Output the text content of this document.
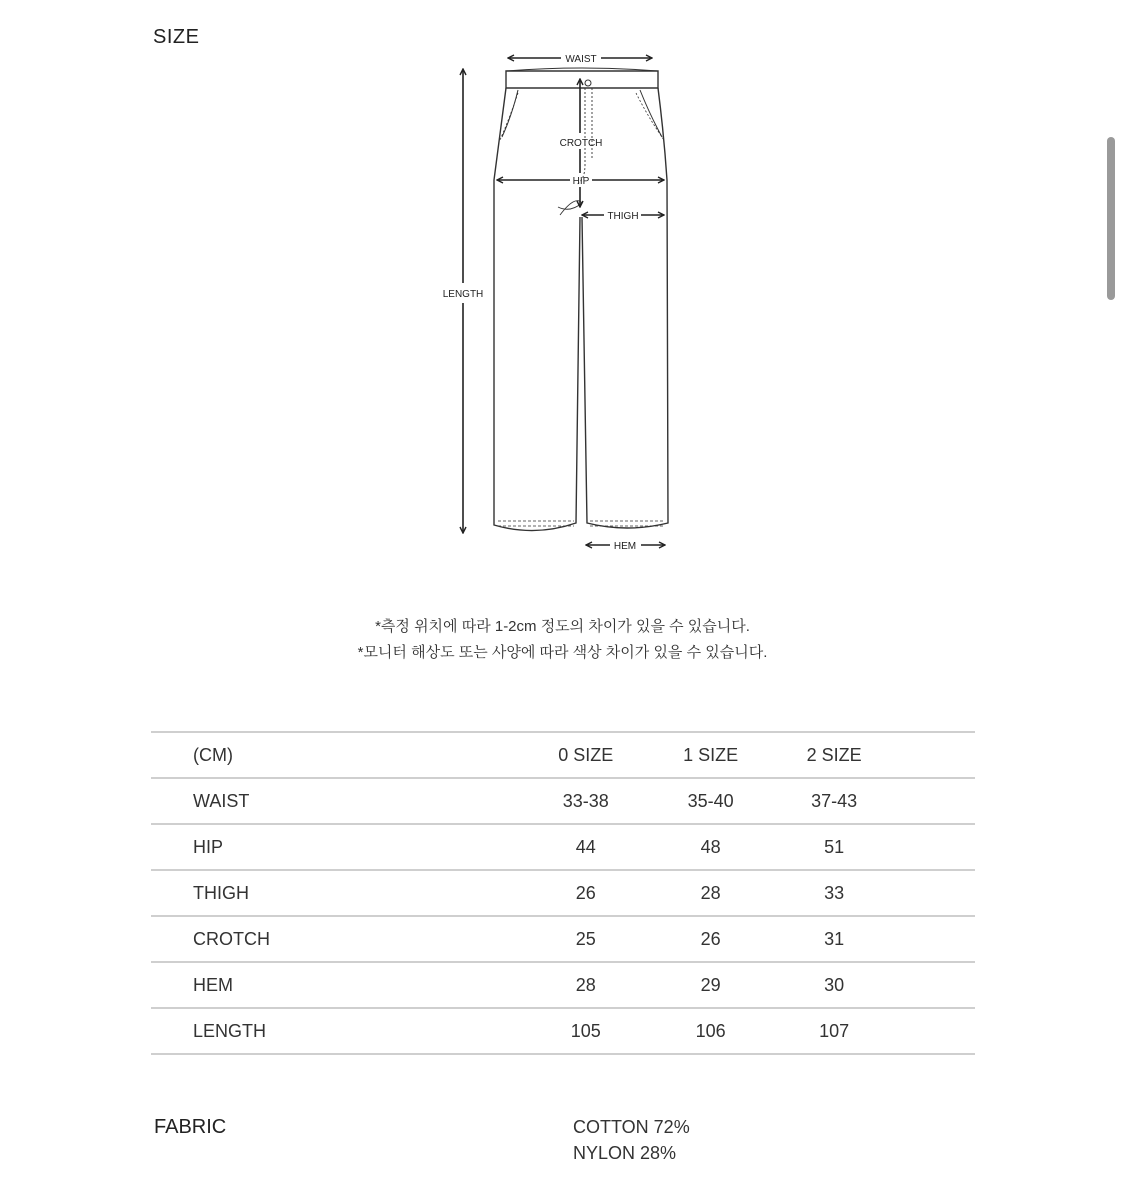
SIZE
WAIST
CROTCH
HIP
THIGH
LENGTH
HEM
*측정 위치에 따라 1-2cm 정도의 차이가 있을 수 있습니다.
*모니터 해상도 또는 사양에 따라 색상 차이가 있을 수 있습니다.
(CM)	0 SIZE	1 SIZE	2 SIZE	
WAIST	33-38	35-40	37-43	
HIP	44	48	51	
THIGH	26	28	33	
CROTCH	25	26	31	
HEM	28	29	30	
LENGTH	105	106	107	
FABRIC	COTTON 72%
NYLON 28%
